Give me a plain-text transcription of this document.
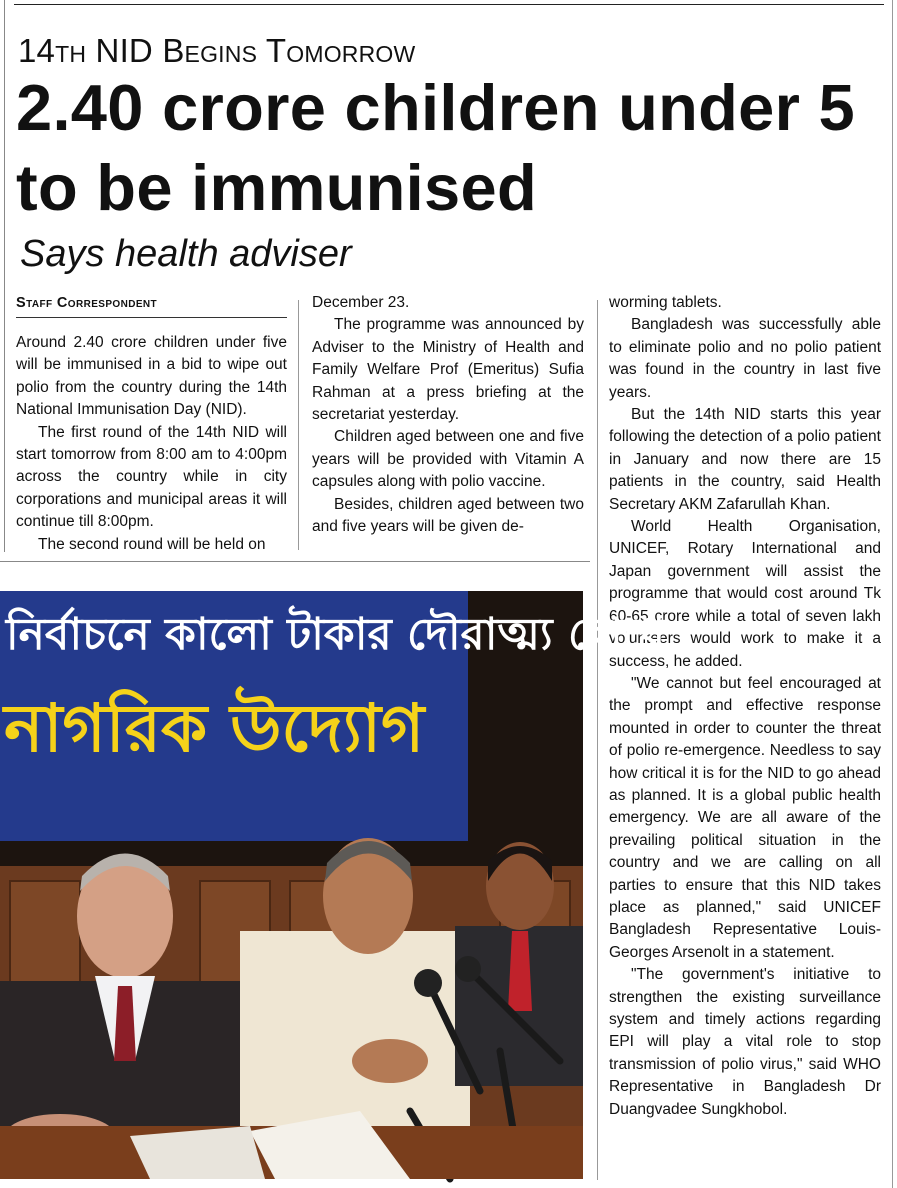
14th NID Begins Tomorrow
2.40 crore children under 5 to be immunised
Says health adviser
Staff Correspondent

Around 2.40 crore children under five will be immunised in a bid to wipe out polio from the country during the 14th National Immunisation Day (NID).

The first round of the 14th NID will start tomorrow from 8:00 am to 4:00pm across the country while in city corporations and municipal areas it will continue till 8:00pm.

The second round will be held on

December 23.

The programme was announced by Adviser to the Ministry of Health and Family Welfare Prof (Emeritus) Sufia Rahman at a press briefing at the secretariat yesterday.

Children aged between one and five years will be provided with Vitamin A capsules along with polio vaccine.

Besides, children aged between two and five years will be given de-

worming tablets.

Bangladesh was successfully able to eliminate polio and no polio patient was found in the country in last five years.

But the 14th NID starts this year following the detection of a polio patient in January and now there are 15 patients in the country, said Health Secretary AKM Zafarullah Khan.

World Health Organisation, UNICEF, Rotary International and Japan government will assist the programme that would cost around Tk 60-65 crore while a total of seven lakh volunteers would work to make it a success, he added.

"We cannot but feel encouraged at the prompt and effective response mounted in order to counter the threat of polio re-emergence. Needless to say how critical it is for the NID to go ahead as planned. It is a global public health emergency. We are all aware of the prevailing political situation in the country and we are calling on all parties to ensure that this NID takes place as planned," said UNICEF Bangladesh Representative Louis-Georges Arsenolt in a statement.

"The government's initiative to strengthen the existing surveillance system and timely actions regarding EPI will play a vital role to stop transmission of polio virus," said WHO Representative in Bangladesh Dr Duangvadee Sungkhobol.

নির্বাচনে কালো টাকার দৌরাত্ম্য রোধে
নাগরিক উদ্যোগ
